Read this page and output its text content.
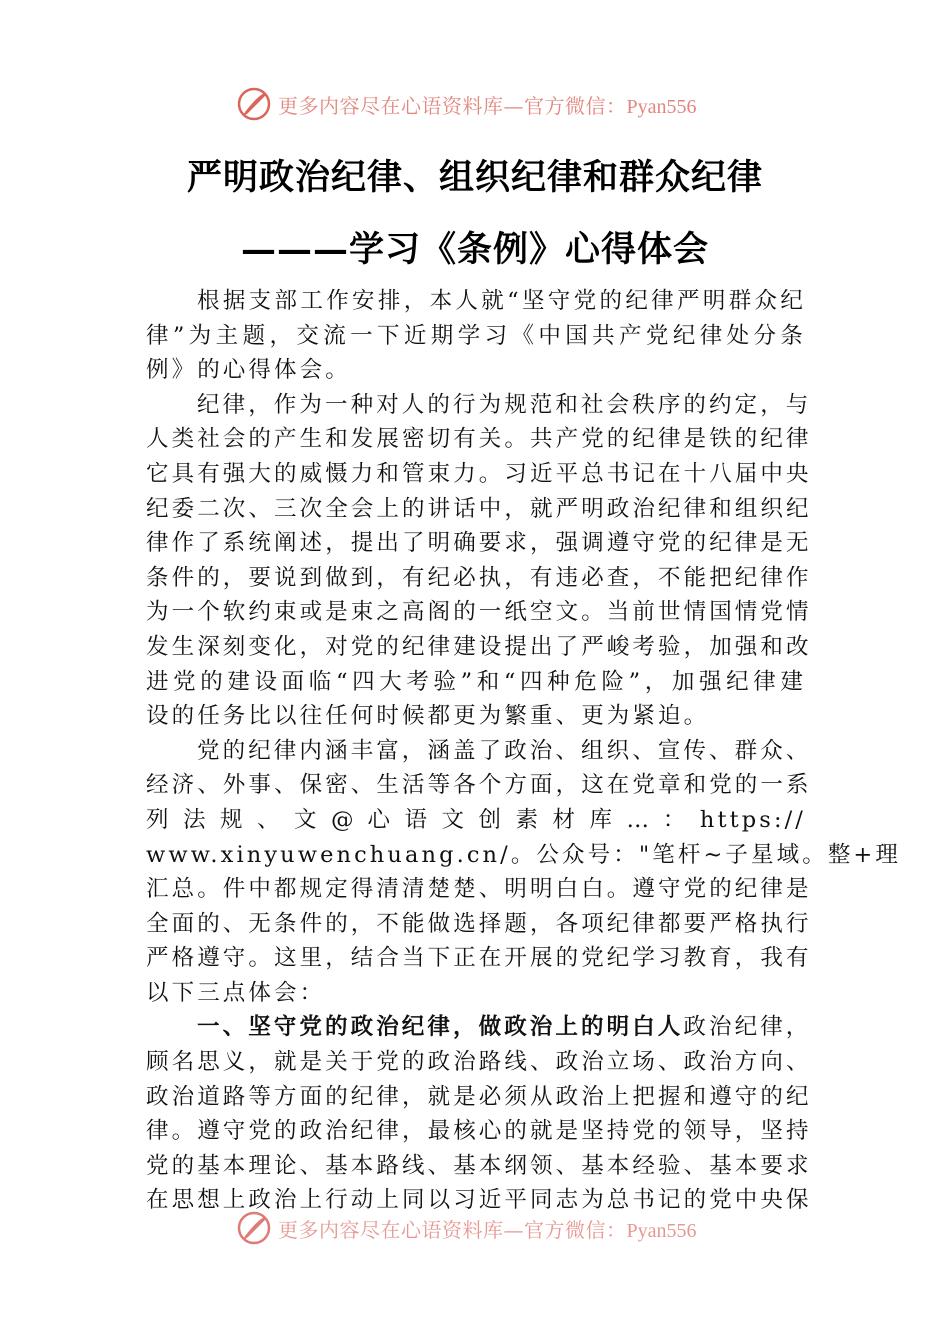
更多内容尽在心语资料库—官方微信：Pyan556
严明政治纪律、组织纪律和群众纪律
———学习《条例》心得体会
根据支部工作安排，本人就“坚守党的纪律严明群众纪
律”为主题，交流一下近期学习《中国共产党纪律处分条
例》的心得体会。
纪律，作为一种对人的行为规范和社会秩序的约定，与
人类社会的产生和发展密切有关。共产党的纪律是铁的纪律
它具有强大的威慑力和管束力。习近平总书记在十八届中央
纪委二次、三次全会上的讲话中，就严明政治纪律和组织纪
律作了系统阐述，提出了明确要求，强调遵守党的纪律是无
条件的，要说到做到，有纪必执，有违必查，不能把纪律作
为一个软约束或是束之高阁的一纸空文。当前世情国情党情
发生深刻变化，对党的纪律建设提出了严峻考验，加强和改
进党的建设面临“四大考验”和“四种危险”，加强纪律建
设的任务比以往任何时候都更为繁重、更为紧迫。
党的纪律内涵丰富，涵盖了政治、组织、宣传、群众、
经济、外事、保密、生活等各个方面，这在党章和党的一系
列 法 规 、 文 @ 心 语 文 创 素 材 库 … ： https://
www.xinyuwenchuang.cn/。公众号："笔杆~子星域。整+理
汇总。件中都规定得清清楚楚、明明白白。遵守党的纪律是
全面的、无条件的，不能做选择题，各项纪律都要严格执行
严格遵守。这里，结合当下正在开展的党纪学习教育，我有
以下三点体会：
一、坚守党的政治纪律，做政治上的明白人政治纪律，
顾名思义，就是关于党的政治路线、政治立场、政治方向、
政治道路等方面的纪律，就是必须从政治上把握和遵守的纪
律。遵守党的政治纪律，最核心的就是坚持党的领导，坚持
党的基本理论、基本路线、基本纲领、基本经验、基本要求
在思想上政治上行动上同以习近平同志为总书记的党中央保
更多内容尽在心语资料库—官方微信：Pyan556
